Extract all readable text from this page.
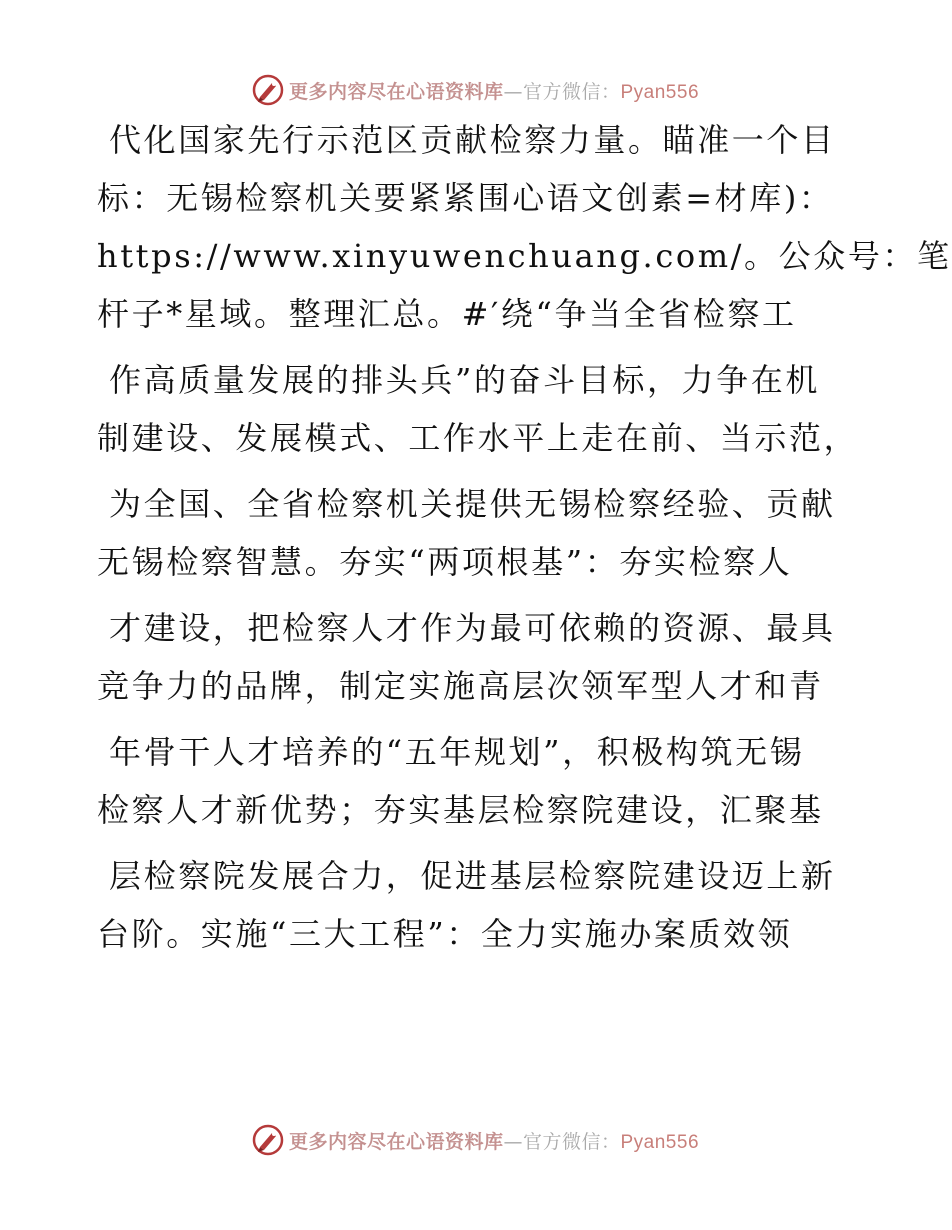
更多内容尽在心语资料库—官方微信：Pyan556
代化国家先行示范区贡献检察力量。瞄准一个目
标：无锡检察机关要紧紧围心语文创素=材库)：
https://www.xinyuwenchuang.com/。公众号：笔
杆子*星域。整理汇总。#′绕“争当全省检察工
作高质量发展的排头兵”的奋斗目标，力争在机
制建设、发展模式、工作水平上走在前、当示范，
为全国、全省检察机关提供无锡检察经验、贡献
无锡检察智慧。夯实“两项根基”：夯实检察人
才建设，把检察人才作为最可依赖的资源、最具
竞争力的品牌，制定实施高层次领军型人才和青
年骨干人才培养的“五年规划”，积极构筑无锡
检察人才新优势；夯实基层检察院建设，汇聚基
层检察院发展合力，促进基层检察院建设迈上新
台阶。实施“三大工程”：全力实施办案质效领
更多内容尽在心语资料库—官方微信：Pyan556
